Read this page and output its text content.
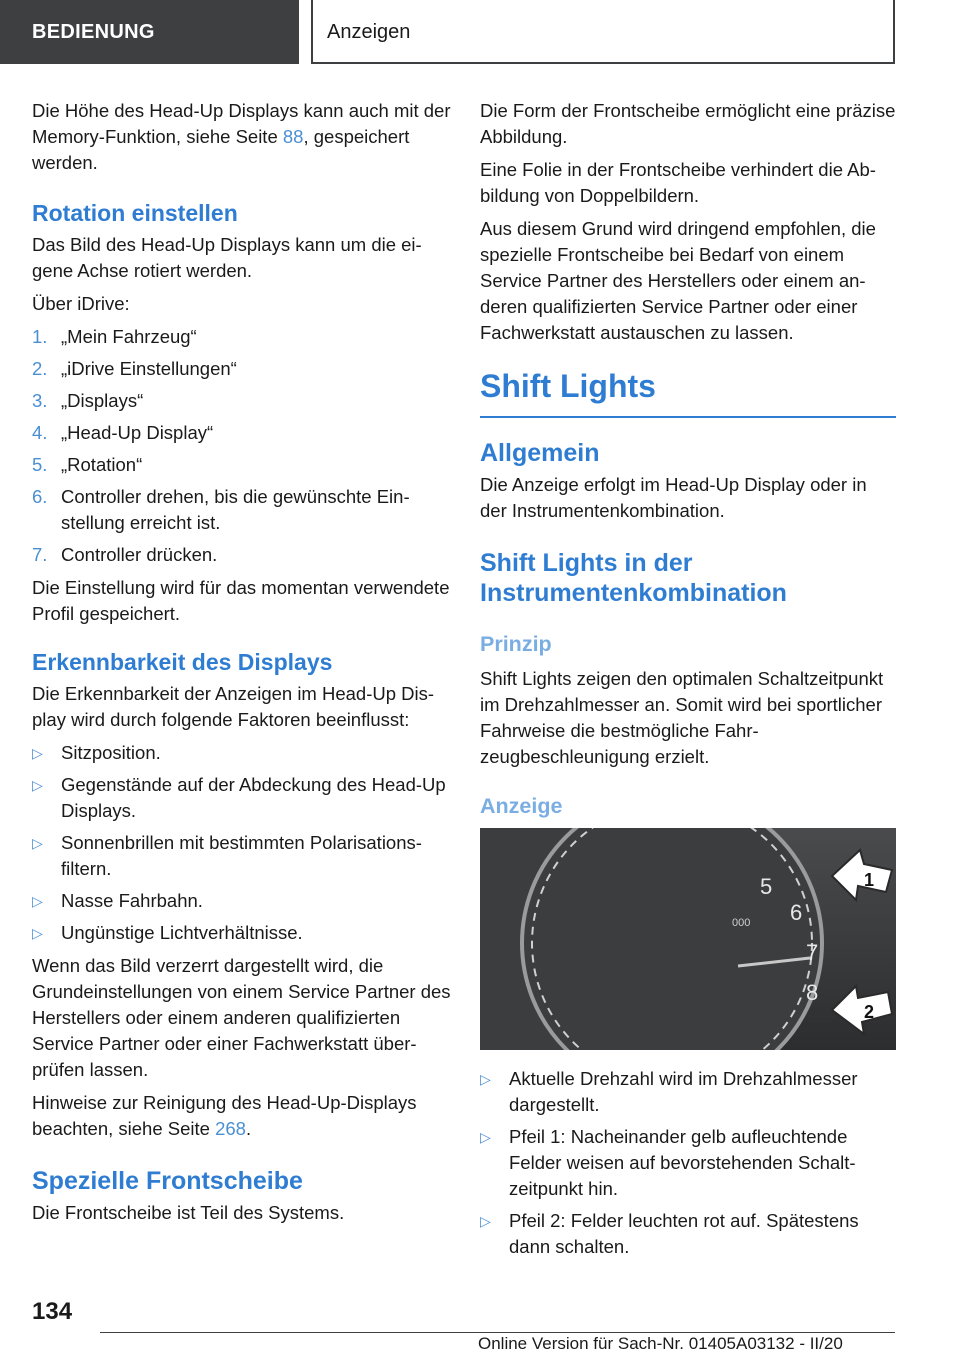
BEDIENUNG	Anzeigen

Die Höhe des Head-Up Displays kann auch mit der Memory-Funktion, siehe Seite 88, gespeichert werden.

Rotation einstellen

Das Bild des Head-Up Displays kann um die eigene Achse rotiert werden.

Über iDrive:

1. „Mein Fahrzeug“
2. „iDrive Einstellungen“
3. „Displays“
4. „Head-Up Display“
5. „Rotation“
6. Controller drehen, bis die gewünschte Einstellung erreicht ist.
7. Controller drücken.

Die Einstellung wird für das momentan verwendete Profil gespeichert.

Erkennbarkeit des Displays

Die Erkennbarkeit der Anzeigen im Head-Up Display wird durch folgende Faktoren beeinflusst:

▷ Sitzposition.
▷ Gegenstände auf der Abdeckung des Head-Up Displays.
▷ Sonnenbrillen mit bestimmten Polarisationsfiltern.
▷ Nasse Fahrbahn.
▷ Ungünstige Lichtverhältnisse.

Wenn das Bild verzerrt dargestellt wird, die Grundeinstellungen von einem Service Partner des Herstellers oder einem anderen qualifizierten Service Partner oder einer Fachwerkstatt überprüfen lassen.

Hinweise zur Reinigung des Head-Up-Displays beachten, siehe Seite 268.

Spezielle Frontscheibe

Die Frontscheibe ist Teil des Systems.

Die Form der Frontscheibe ermöglicht eine präzise Abbildung.

Eine Folie in der Frontscheibe verhindert die Abbildung von Doppelbildern.

Aus diesem Grund wird dringend empfohlen, die spezielle Frontscheibe bei Bedarf von einem Service Partner des Herstellers oder einem anderen qualifizierten Service Partner oder einer Fachwerkstatt austauschen zu lassen.

Shift Lights
Allgemein

Die Anzeige erfolgt im Head-Up Display oder in der Instrumentenkombination.

Shift Lights in der Instrumentenkombination
Prinzip

Shift Lights zeigen den optimalen Schaltzeitpunkt im Drehzahlmesser an. Somit wird bei sportlicher Fahrweise die bestmögliche Fahrzeugbeschleunigung erzielt.

Anzeige
5
6
7
8
000
1
2
▷ Aktuelle Drehzahl wird im Drehzahlmesser dargestellt.
▷ Pfeil 1: Nacheinander gelb aufleuchtende Felder weisen auf bevorstehenden Schaltzeitpunkt hin.
▷ Pfeil 2: Felder leuchten rot auf. Spätestens dann schalten.
134
Online Version für Sach-Nr. 01405A03132 - II/20
